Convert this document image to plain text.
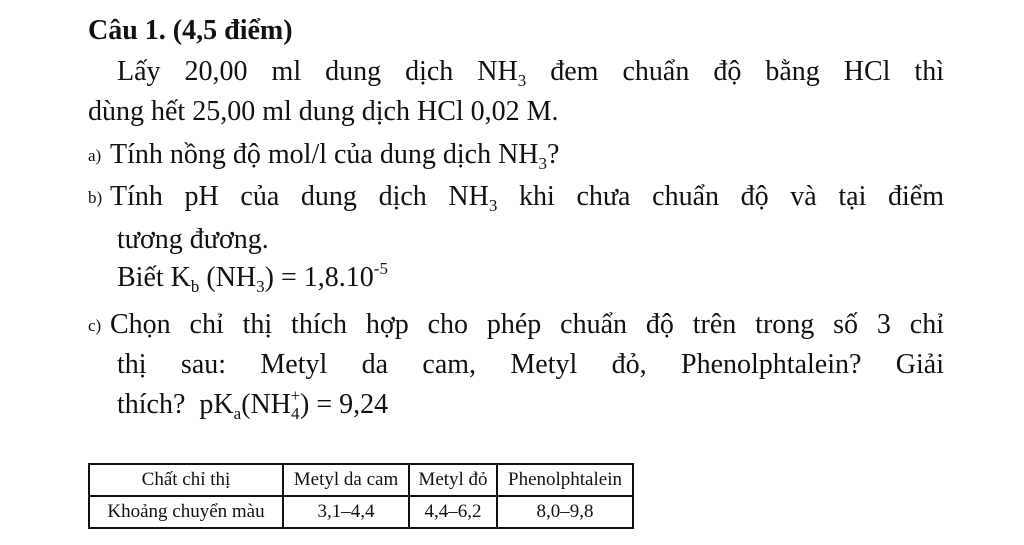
Câu 1. (4,5 điểm)
Lấy 20,00 ml dung dịch $NH_3$ đem chuẩn độ bằng HCl thì
dùng hết 25,00 ml dung dịch HCl 0,02 M.
a) Tính nồng độ mol/l của dung dịch $NH_3$?
b) Tính pH của dung dịch $NH_3$ khi chưa chuẩn độ và tại điểm
tương đương.
Biết $K_b$ $(NH_3) = 1,8.10^{-5}$
c) Chọn chỉ thị thích hợp cho phép chuẩn độ trên trong số 3 chỉ
thị sau: Metyl da cam, Metyl đỏ, Phenolphtalein? Giải
thích?  $pK_a(NH_4^+) = 9,24$
Chất chỉ thị	Metyl da cam	Metyl đỏ	Phenolphtalein
Khoảng chuyển màu	3,1–4,4	4,4–6,2	8,0–9,8
